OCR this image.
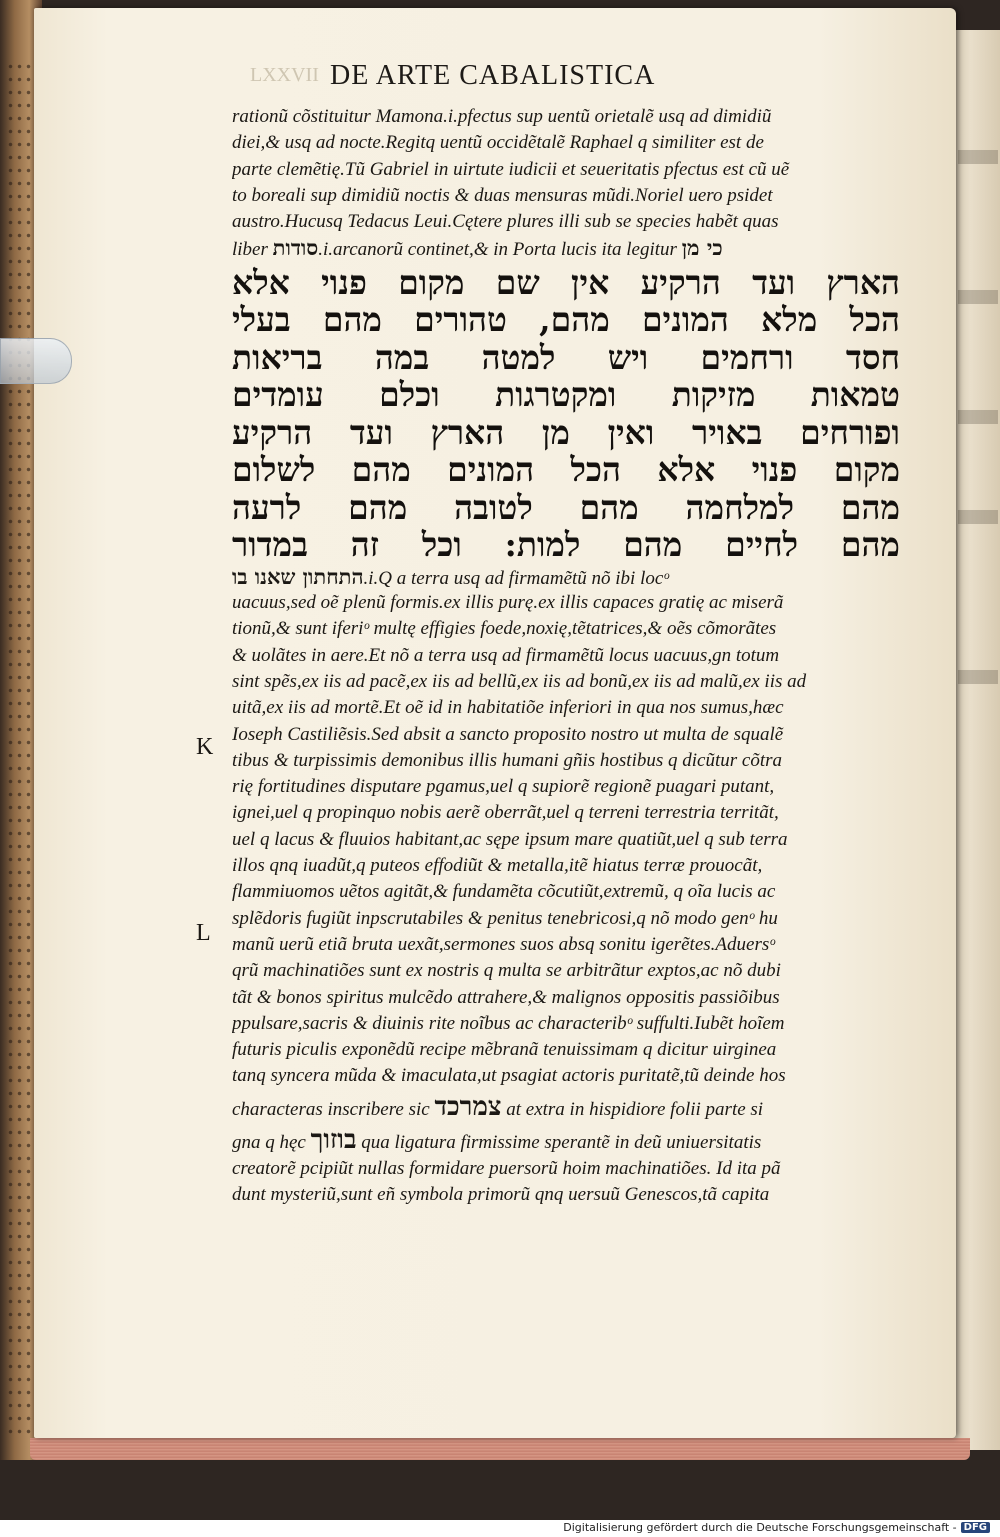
LXXVII DE ARTE CABALISTICA
K
L
rationũ cõstituitur Mamona.i.pfectus sup uentũ orietalẽ usq ad dimidiũ
diei,& usq ad nocte.Regitq uentũ occidẽtalẽ Raphael q similiter est de
parte clemẽtię.Tũ Gabriel in uirtute iudicii et seueritatis pfectus est cũ uẽ
to boreali sup dimidiũ noctis & duas mensuras mũdi.Noriel uero psidet
austro.Hucusq Tedacus Leui.Cętere plures illi sub se species habẽt quas
liber סודות.i.arcanorũ continet,& in Porta lucis ita legitur כי מן
הארץ ועד הרקיע אין שם מקום פנוי אלא
הכל מלא המונים מהם, טהורים מהם בעלי
חסד ורחמים ויש למטה במה בריאות
טמאות מזיקות ומקטרגות וכלם עומדים
ופורחים באויר ואין מן הארץ ועד הרקיע
מקום פנוי אלא הכל המונים מהם לשלום
מהם למלחמה מהם לטובה מהם לרעה
מהם לחיים מהם למות: וכל זה במדור
התחתון שאנו בו.i.Q a terra usq ad firmamẽtũ nõ ibi locᵒ
uacuus,sed oẽ plenũ formis.ex illis purę.ex illis capaces gratię ac miserã
tionũ,& sunt iferiᵒ multę effigies foede,noxię,tẽtatrices,& oẽs cõmorãtes
& uolãtes in aere.Et nõ a terra usq ad firmamẽtũ locus uacuus,gn totum
sint spẽs,ex iis ad pacẽ,ex iis ad bellũ,ex iis ad bonũ,ex iis ad malũ,ex iis ad
uitã,ex iis ad mortẽ.Et oẽ id in habitatiõe inferiori in qua nos sumus,hæc
Ioseph Castiliẽsis.Sed absit a sancto proposito nostro ut multa de squalẽ
tibus & turpissimis demonibus illis humani gñis hostibus q dicũtur cõtra
rię fortitudines disputare pgamus,uel q supiorẽ regionẽ puagari putant,
ignei,uel q propinquo nobis aerẽ oberrãt,uel q terreni terrestria territãt,
uel q lacus & fluuios habitant,ac sępe ipsum mare quatiũt,uel q sub terra
illos qnq iuadũt,q puteos effodiũt & metalla,itẽ hiatus terræ prouocãt,
flammiuomos uẽtos agitãt,& fundamẽta cõcutiũt,extremũ, q oĩa lucis ac
splẽdoris fugiũt inpscrutabiles & penitus tenebricosi,q nõ modo genᵒ hu
manũ uerũ etiã bruta uexãt,sermones suos absq sonitu igerẽtes.Aduersᵒ
qrũ machinatiões sunt ex nostris q multa se arbitrãtur exptos,ac nõ dubi
tãt & bonos spiritus mulcẽdo attrahere,& malignos oppositis passiõibus
ppulsare,sacris & diuinis rite noĩbus ac characteribᵒ suffulti.Iubẽt hoĩem
futuris piculis exponẽdũ recipe mẽbranã tenuissimam q dicitur uirginea
tanq syncera mũda & imaculata,ut psagiat actoris puritatẽ,tũ deinde hos
characteras inscribere sic צמרכד at extra in hispidiore folii parte si
gna q hęc בוזוך qua ligatura firmissime sperantẽ in deũ uniuersitatis
creatorẽ pcipiũt nullas formidare puersorũ hoim machinatiões. Id ita pã
dunt mysteriũ,sunt eñ symbola primorũ qnq uersuũ Genescos,tã capita
Digitalisierung gefördert durch die Deutsche Forschungsgemeinschaft - DFG
